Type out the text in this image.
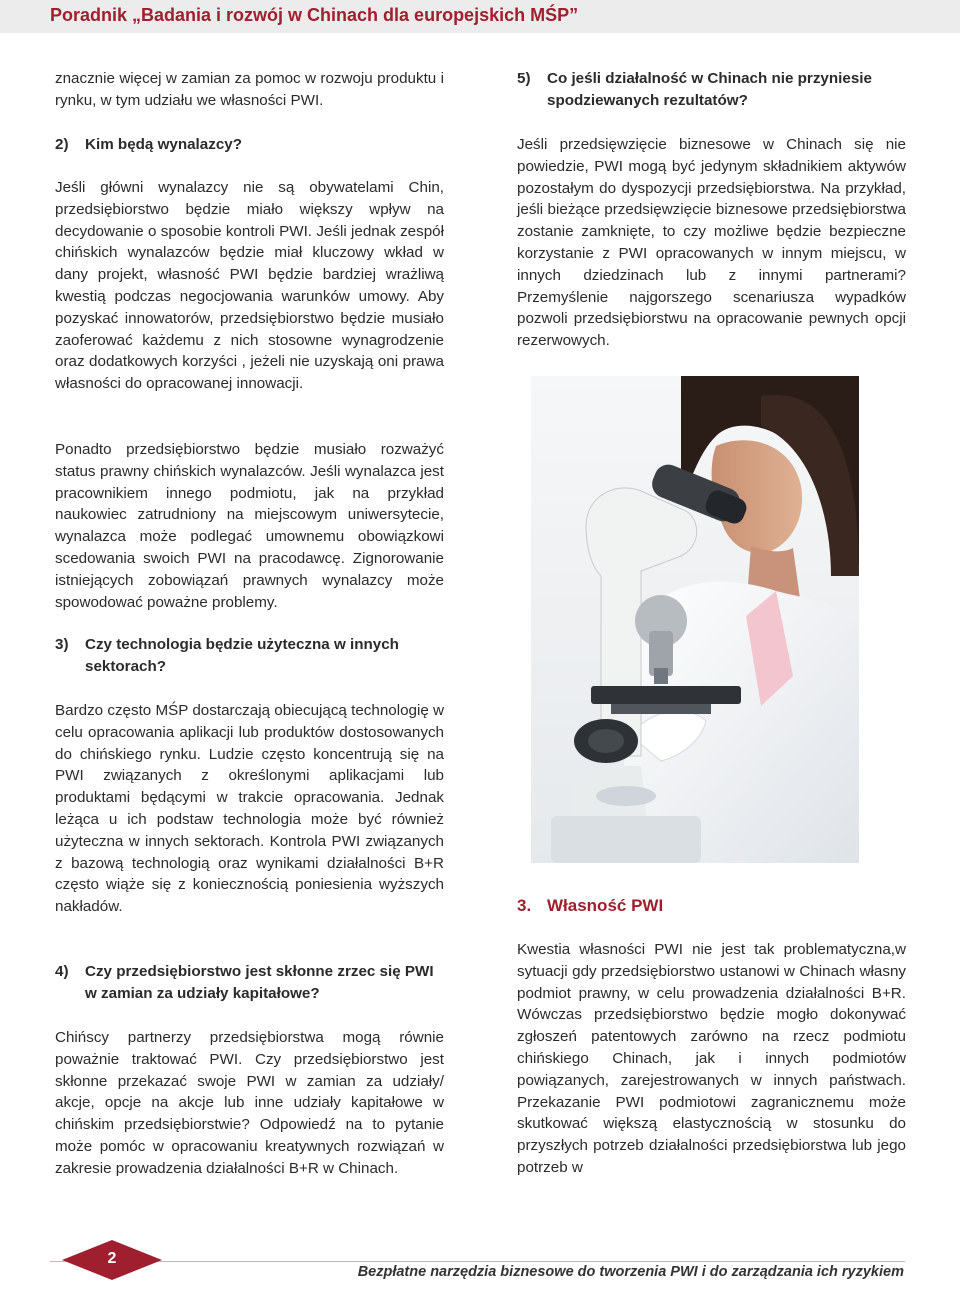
Poradnik „Badania i rozwój w Chinach dla europejskich MŚP”

znacznie więcej w zamian za pomoc w rozwoju produktu i rynku, w tym udziału we własności PWI.

2)	Kim będą wynalazcy?

Jeśli główni wynalazcy nie są obywatelami Chin, przedsiębiorstwo będzie miało większy wpływ na decydowanie o sposobie kontroli PWI. Jeśli jednak zespół chińskich wynalazców będzie miał kluczowy wkład w dany projekt, własność PWI będzie bardziej wrażliwą kwestią podczas negocjowania warunków umowy. Aby pozyskać innowatorów, przedsiębiorstwo będzie musiało zaoferować każdemu z nich stosowne wynagrodzenie oraz dodatkowych korzyści , jeżeli nie uzyskają oni prawa własności do opracowanej innowacji.

Ponadto przedsiębiorstwo będzie musiało rozważyć status prawny chińskich wynalazców. Jeśli wynalazca jest pracownikiem innego podmiotu, jak na przykład naukowiec zatrudniony na miejscowym uniwersytecie, wynalazca może podlegać umownemu obowiązkowi scedowania swoich PWI na pracodawcę. Zignorowanie istniejących zobowiązań prawnych wynalazcy może spowodować poważne problemy.

3)	Czy technologia będzie użyteczna w innych sektorach?

Bardzo często MŚP dostarczają obiecującą technologię w celu opracowania aplikacji lub produktów dostosowanych do chińskiego rynku. Ludzie często koncentrują się na PWI związanych z określonymi aplikacjami lub produktami będącymi w trakcie opracowania. Jednak leżąca u ich podstaw technologia może być również użyteczna w innych sektorach. Kontrola PWI związanych z bazową technologią oraz wynikami działalności B+R często wiąże się z koniecznością poniesienia wyższych nakładów.

4)	Czy przedsiębiorstwo jest skłonne zrzec się PWI w zamian za udziały kapitałowe?

Chińscy partnerzy przedsiębiorstwa mogą równie poważnie traktować PWI. Czy przedsiębiorstwo jest skłonne przekazać swoje PWI w zamian za udziały/ akcje, opcje na akcje lub inne udziały kapitałowe w chińskim przedsiębiorstwie? Odpowiedź na to pytanie może pomóc w opracowaniu kreatywnych rozwiązań w zakresie prowadzenia działalności B+R w Chinach.

5)	Co jeśli działalność w Chinach nie przyniesie spodziewanych rezultatów?

Jeśli przedsięwzięcie biznesowe w Chinach się nie powiedzie, PWI mogą być jedynym składnikiem aktywów pozostałym do dyspozycji przedsiębiorstwa. Na przykład, jeśli bieżące przedsięwzięcie biznesowe przedsiębiorstwa zostanie zamknięte, to czy możliwe będzie bezpieczne korzystanie z PWI opracowanych w innym miejscu, w innych dziedzinach lub z innymi partnerami? Przemyślenie najgorszego scenariusza wypadków pozwoli przedsiębiorstwu na opracowanie pewnych opcji rezerwowych.

3. Własność PWI

Kwestia własności PWI nie jest tak problematyczna,w sytuacji gdy przedsiębiorstwo ustanowi w Chinach własny podmiot prawny, w celu prowadzenia działalności B+R. Wówczas przedsiębiorstwo będzie mogło dokonywać zgłoszeń patentowych zarówno na rzecz podmiotu chińskiego Chinach, jak i innych podmiotów powiązanych, zarejestrowanych w innych państwach. Przekazanie PWI podmiotowi zagranicznemu może skutkować większą elastycznością w stosunku do przyszłych potrzeb działalności przedsiębiorstwa lub jego potrzeb w

2
Bezpłatne narzędzia biznesowe do tworzenia PWI i do zarządzania ich ryzykiem
